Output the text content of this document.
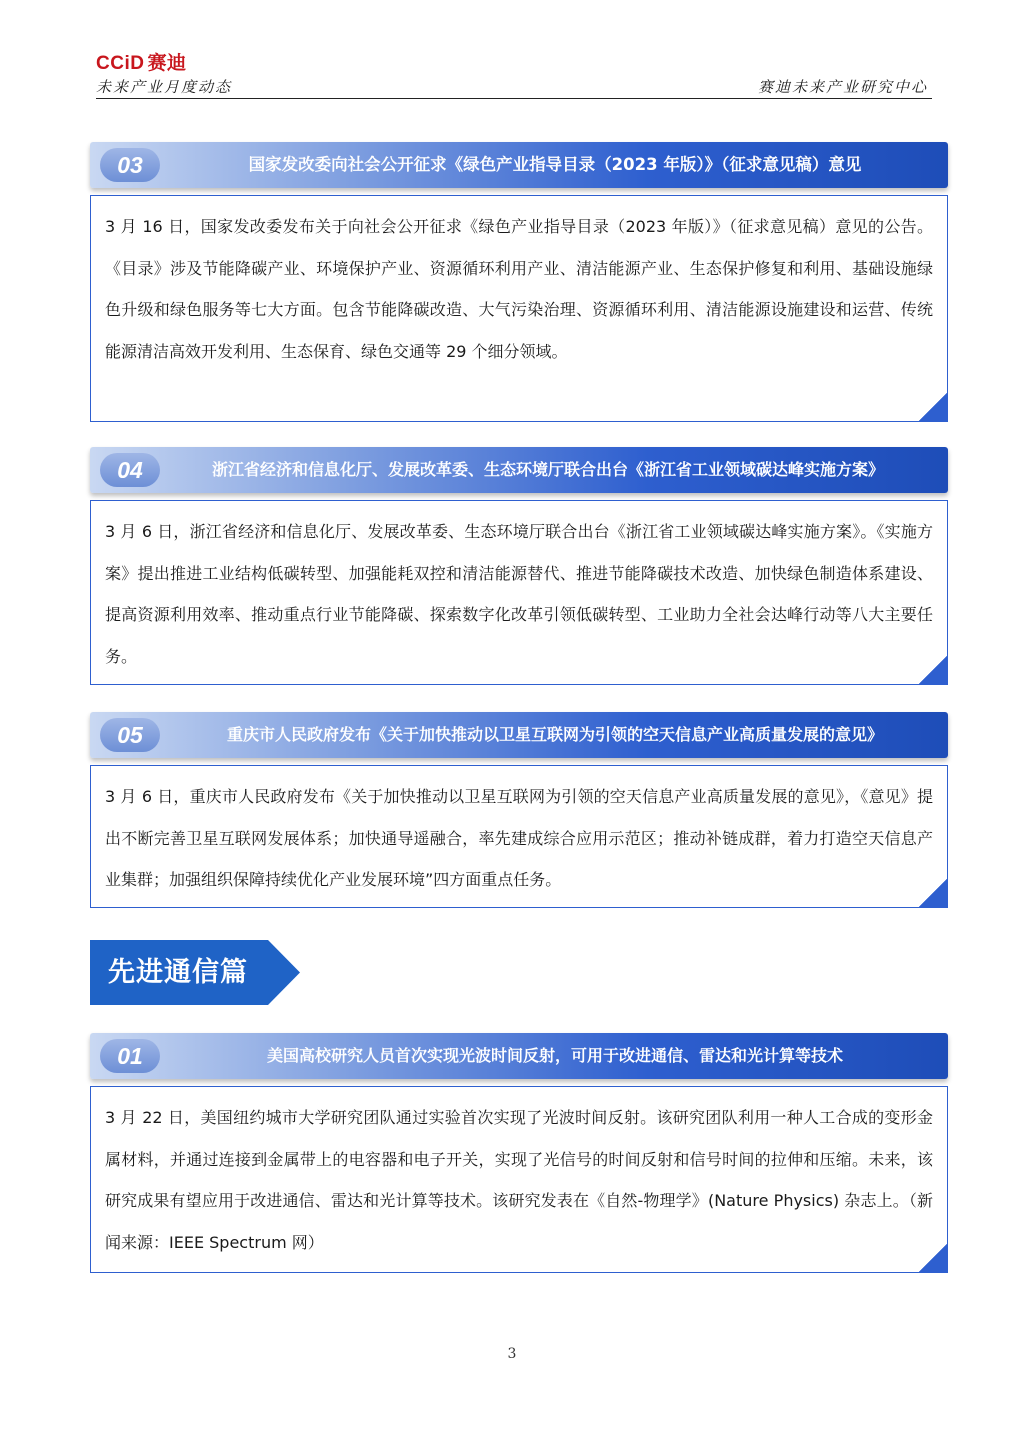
CCiD 赛迪
未来产业月度动态	赛迪未来产业研究中心
03	国家发改委向社会公开征求《绿色产业指导目录（2023 年版）》（征求意见稿）意见
3 月 16 日，国家发改委发布关于向社会公开征求《绿色产业指导目录（2023 年版）》（征求意见稿）意见的公告。《目录》涉及节能降碳产业、环境保护产业、资源循环利用产业、清洁能源产业、生态保护修复和利用、基础设施绿色升级和绿色服务等七大方面。包含节能降碳改造、大气污染治理、资源循环利用、清洁能源设施建设和运营、传统能源清洁高效开发利用、生态保育、绿色交通等 29 个细分领域。
04	浙江省经济和信息化厅、发展改革委、生态环境厅联合出台《浙江省工业领域碳达峰实施方案》
3 月 6 日，浙江省经济和信息化厅、发展改革委、生态环境厅联合出台《浙江省工业领域碳达峰实施方案》。《实施方案》提出推进工业结构低碳转型、加强能耗双控和清洁能源替代、推进节能降碳技术改造、加快绿色制造体系建设、提高资源利用效率、推动重点行业节能降碳、探索数字化改革引领低碳转型、工业助力全社会达峰行动等八大主要任务。
05	重庆市人民政府发布《关于加快推动以卫星互联网为引领的空天信息产业高质量发展的意见》
3 月 6 日，重庆市人民政府发布《关于加快推动以卫星互联网为引领的空天信息产业高质量发展的意见》，《意见》提出不断完善卫星互联网发展体系；加快通导遥融合，率先建成综合应用示范区；推动补链成群，着力打造空天信息产业集群；加强组织保障持续优化产业发展环境”四方面重点任务。
先进通信篇
01	美国高校研究人员首次实现光波时间反射，可用于改进通信、雷达和光计算等技术
3 月 22 日，美国纽约城市大学研究团队通过实验首次实现了光波时间反射。该研究团队利用一种人工合成的变形金属材料，并通过连接到金属带上的电容器和电子开关，实现了光信号的时间反射和信号时间的拉伸和压缩。未来，该研究成果有望应用于改进通信、雷达和光计算等技术。该研究发表在《自然-物理学》(Nature Physics) 杂志上。（新闻来源：IEEE Spectrum 网）
3
